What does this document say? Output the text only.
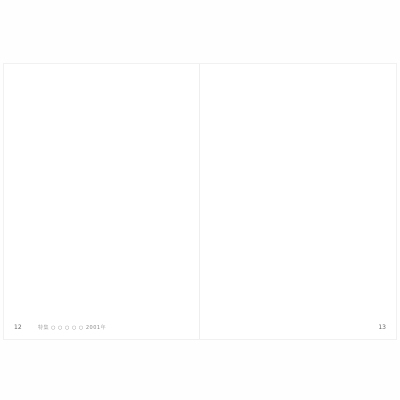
12	特集 ○ ○ ○ ○ ○ 2001年	13
